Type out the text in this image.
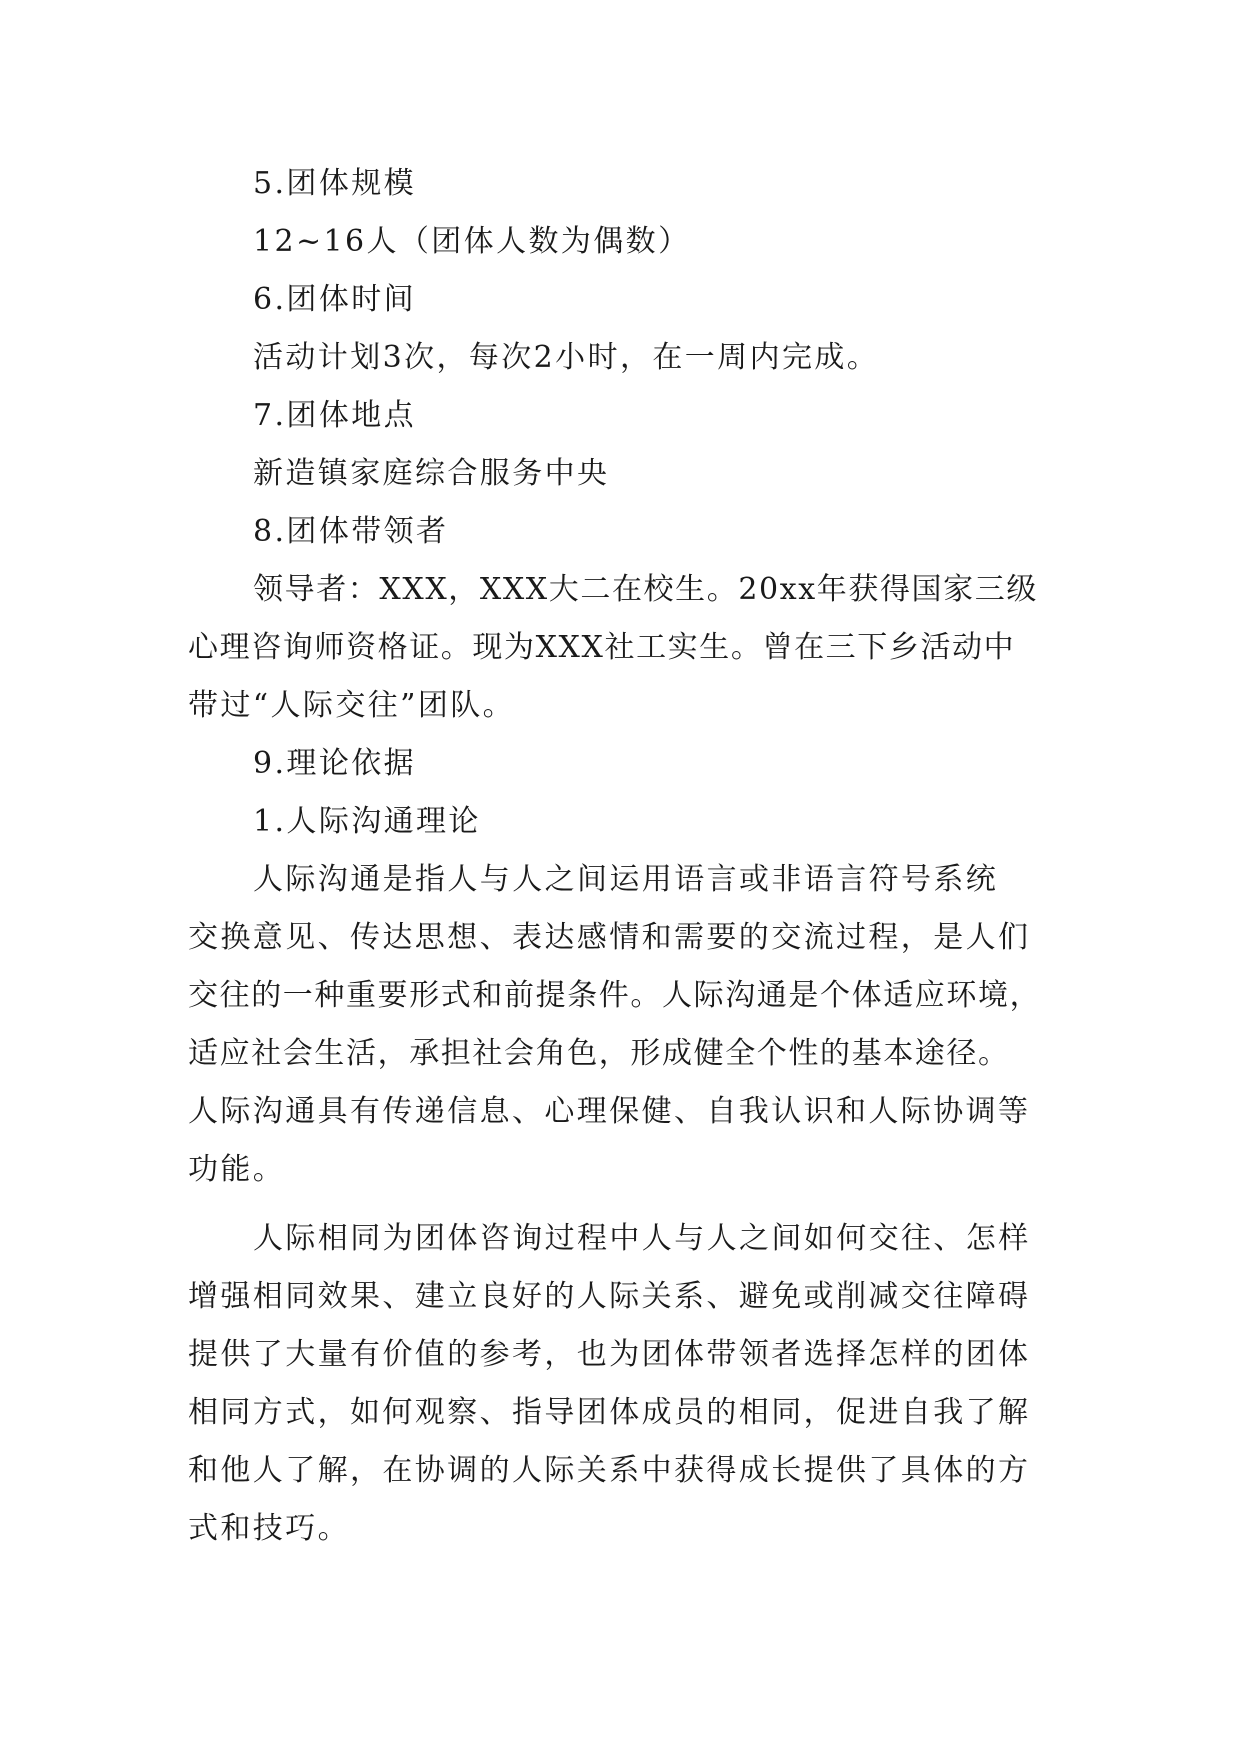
5.团体规模
12~16人（团体人数为偶数）
6.团体时间
活动计划3次，每次2小时，在一周内完成。
7.团体地点
新造镇家庭综合服务中央
8.团体带领者
领导者：XXX，XXX大二在校生。20xx年获得国家三级
心理咨询师资格证。现为XXX社工实生。曾在三下乡活动中
带过“人际交往”团队。
9.理论依据
1.人际沟通理论
人际沟通是指人与人之间运用语言或非语言符号系统
交换意见、传达思想、表达感情和需要的交流过程，是人们
交往的一种重要形式和前提条件。人际沟通是个体适应环境，
适应社会生活，承担社会角色，形成健全个性的基本途径。
人际沟通具有传递信息、心理保健、自我认识和人际协调等
功能。
人际相同为团体咨询过程中人与人之间如何交往、怎样
增强相同效果、建立良好的人际关系、避免或削减交往障碍
提供了大量有价值的参考，也为团体带领者选择怎样的团体
相同方式，如何观察、指导团体成员的相同，促进自我了解
和他人了解，在协调的人际关系中获得成长提供了具体的方
式和技巧。
